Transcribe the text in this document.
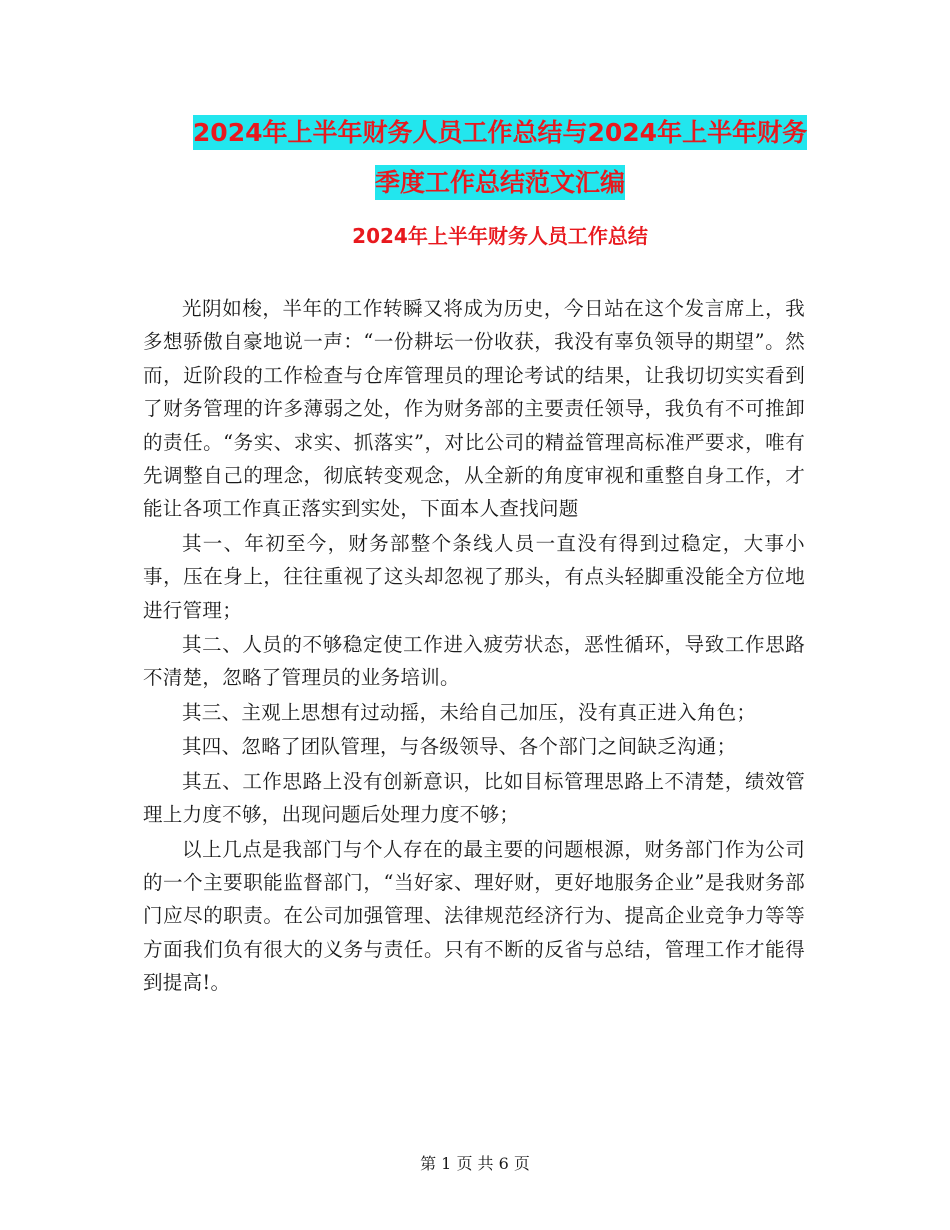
2024年上半年财务人员工作总结与2024年上半年财务
季度工作总结范文汇编
2024年上半年财务人员工作总结

光阴如梭，半年的工作转瞬又将成为历史，今日站在这个发言席上，我多想骄傲自豪地说一声：“一份耕坛一份收获，我没有辜负领导的期望”。然而，近阶段的工作检查与仓库管理员的理论考试的结果，让我切切实实看到了财务管理的许多薄弱之处，作为财务部的主要责任领导，我负有不可推卸的责任。“务实、求实、抓落实”，对比公司的精益管理高标准严要求，唯有先调整自己的理念，彻底转变观念，从全新的角度审视和重整自身工作，才能让各项工作真正落实到实处，下面本人查找问题

其一、年初至今，财务部整个条线人员一直没有得到过稳定，大事小事，压在身上，往往重视了这头却忽视了那头，有点头轻脚重没能全方位地进行管理；

其二、人员的不够稳定使工作进入疲劳状态，恶性循环，导致工作思路不清楚，忽略了管理员的业务培训。

其三、主观上思想有过动摇，未给自己加压，没有真正进入角色；

其四、忽略了团队管理，与各级领导、各个部门之间缺乏沟通；

其五、工作思路上没有创新意识，比如目标管理思路上不清楚，绩效管理上力度不够，出现问题后处理力度不够；

以上几点是我部门与个人存在的最主要的问题根源，财务部门作为公司的一个主要职能监督部门，“当好家、理好财，更好地服务企业”是我财务部门应尽的职责。在公司加强管理、法律规范经济行为、提高企业竞争力等等方面我们负有很大的义务与责任。只有不断的反省与总结，管理工作才能得到提高!。

第 1 页 共 6 页
